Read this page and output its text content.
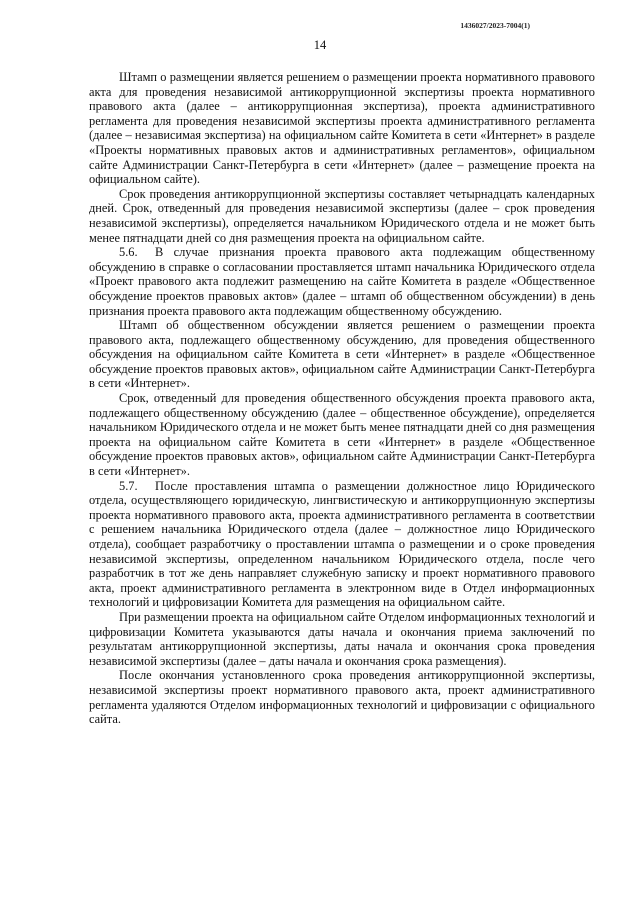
1436027/2023-7004(1)
14

Штамп о размещении является решением о размещении проекта нормативного правового акта для проведения независимой антикоррупционной экспертизы проекта нормативного правового акта (далее – антикоррупционная экспертиза), проекта административного регламента для проведения независимой экспертизы проекта административного регламента (далее – независимая экспертиза) на официальном сайте Комитета в сети «Интернет» в разделе «Проекты нормативных правовых актов и административных регламентов», официальном сайте Администрации Санкт-Петербурга в сети «Интернет» (далее – размещение проекта на официальном сайте).

Срок проведения антикоррупционной экспертизы составляет четырнадцать календарных дней. Срок, отведенный для проведения независимой экспертизы (далее – срок проведения независимой экспертизы), определяется начальником Юридического отдела и не может быть менее пятнадцати дней со дня размещения проекта на официальном сайте.

5.6. В случае признания проекта правового акта подлежащим общественному обсуждению в справке о согласовании проставляется штамп начальника Юридического отдела «Проект правового акта подлежит размещению на сайте Комитета в разделе «Общественное обсуждение проектов правовых актов» (далее – штамп об общественном обсуждении) в день признания проекта правового акта подлежащим общественному обсуждению.

Штамп об общественном обсуждении является решением о размещении проекта правового акта, подлежащего общественному обсуждению, для проведения общественного обсуждения на официальном сайте Комитета в сети «Интернет» в разделе «Общественное обсуждение проектов правовых актов», официальном сайте Администрации Санкт-Петербурга в сети «Интернет».

Срок, отведенный для проведения общественного обсуждения проекта правового акта, подлежащего общественному обсуждению (далее – общественное обсуждение), определяется начальником Юридического отдела и не может быть менее пятнадцати дней со дня размещения проекта на официальном сайте Комитета в сети «Интернет» в разделе «Общественное обсуждение проектов правовых актов», официальном сайте Администрации Санкт-Петербурга в сети «Интернет».

5.7. После проставления штампа о размещении должностное лицо Юридического отдела, осуществляющего юридическую, лингвистическую и антикоррупционную экспертизы проекта нормативного правового акта, проекта административного регламента в соответствии с решением начальника Юридического отдела (далее – должностное лицо Юридического отдела), сообщает разработчику о проставлении штампа о размещении и о сроке проведения независимой экспертизы, определенном начальником Юридического отдела, после чего разработчик в тот же день направляет служебную записку и проект нормативного правового акта, проект административного регламента в электронном виде в Отдел информационных технологий и цифровизации Комитета для размещения на официальном сайте.

При размещении проекта на официальном сайте Отделом информационных технологий и цифровизации Комитета указываются даты начала и окончания приема заключений по результатам антикоррупционной экспертизы, даты начала и окончания срока проведения независимой экспертизы (далее – даты начала и окончания срока размещения).

После окончания установленного срока проведения антикоррупционной экспертизы, независимой экспертизы проект нормативного правового акта, проект административного регламента удаляются Отделом информационных технологий и цифровизации с официального сайта.
